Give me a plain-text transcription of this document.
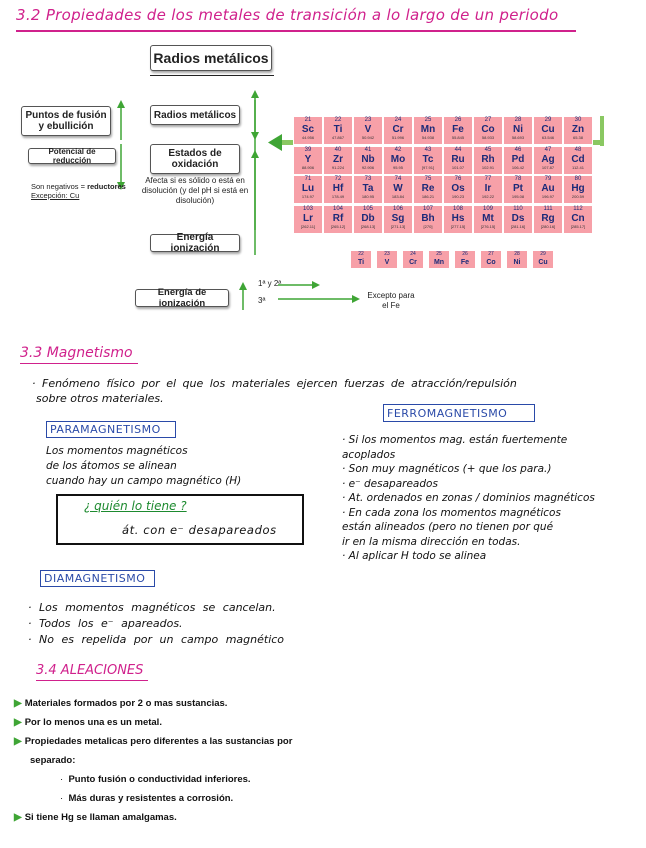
3.2 Propiedades de los metales de transición a lo largo de un periodo
Radios metálicos
Puntos de fusión y ebullición
Potencial de reducción
Son negativos = reductores
Excepción: Cu
Radios metálicos
Estados de oxidación
Afecta si es sólido o está en disolución (y del pH si está en disolución)
Energía ionización
21
Sc
44.956
22
Ti
47.867
23
V
50.942
24
Cr
51.996
25
Mn
54.938
26
Fe
55.845
27
Co
58.933
28
Ni
58.693
29
Cu
63.546
30
Zn
65.38
39
Y
88.906
40
Zr
91.224
41
Nb
92.906
42
Mo
95.95
43
Tc
[97.91]
44
Ru
101.07
45
Rh
102.91
46
Pd
106.42
47
Ag
107.87
48
Cd
112.41
71
Lu
174.97
72
Hf
178.49
73
Ta
180.95
74
W
183.84
75
Re
186.21
76
Os
190.23
77
Ir
192.22
78
Pt
195.08
79
Au
196.97
80
Hg
200.59
103
Lr
[262.11]
104
Rf
[265.12]
105
Db
[268.13]
106
Sg
[271.13]
107
Bh
[270]
108
Hs
[277.15]
109
Mt
[276.15]
110
Ds
[281.16]
111
Rg
[280.16]
112
Cn
[285.17]
22
Ti
23
V
24
Cr
25
Mn
26
Fe
27
Co
28
Ni
29
Cu
1ª y 2ª
Energía de ionización	3ª
Excepto para el Fe
3.3 Magnetismo
· Fenómeno físico por el que los materiales ejercen fuerzas de atracción/repulsión
sobre otros materiales.
PARAMAGNETISMO
Los momentos magnéticos
de los átomos se alinean
cuando hay un campo magnético (H)
¿ quién lo tiene ?
át. con e⁻ desapareados
FERROMAGNETISMO
· Si los momentos mag. están fuertemente
acoplados
· Son muy magnéticos (+ que los para.)
· e⁻ desapareados
· At. ordenados en zonas / dominios magnéticos
· En cada zona los momentos magnéticos
están alineados (pero no tienen por qué
ir en la misma dirección en todas.
· Al aplicar H todo se alinea
DIAMAGNETISMO
· Los momentos magnéticos se cancelan.
· Todos los e⁻ apareados.
· No es repelida por un campo magnético
3.4 ALEACIONES
▶ Materiales formados por 2 o mas sustancias.
▶ Por lo menos una es un metal.
▶ Propiedades metalicas pero diferentes a las sustancias por
separado:
·  Punto fusión o conductividad inferiores.
·  Más duras y resistentes a corrosión.
▶ Si tiene Hg se llaman amalgamas.
